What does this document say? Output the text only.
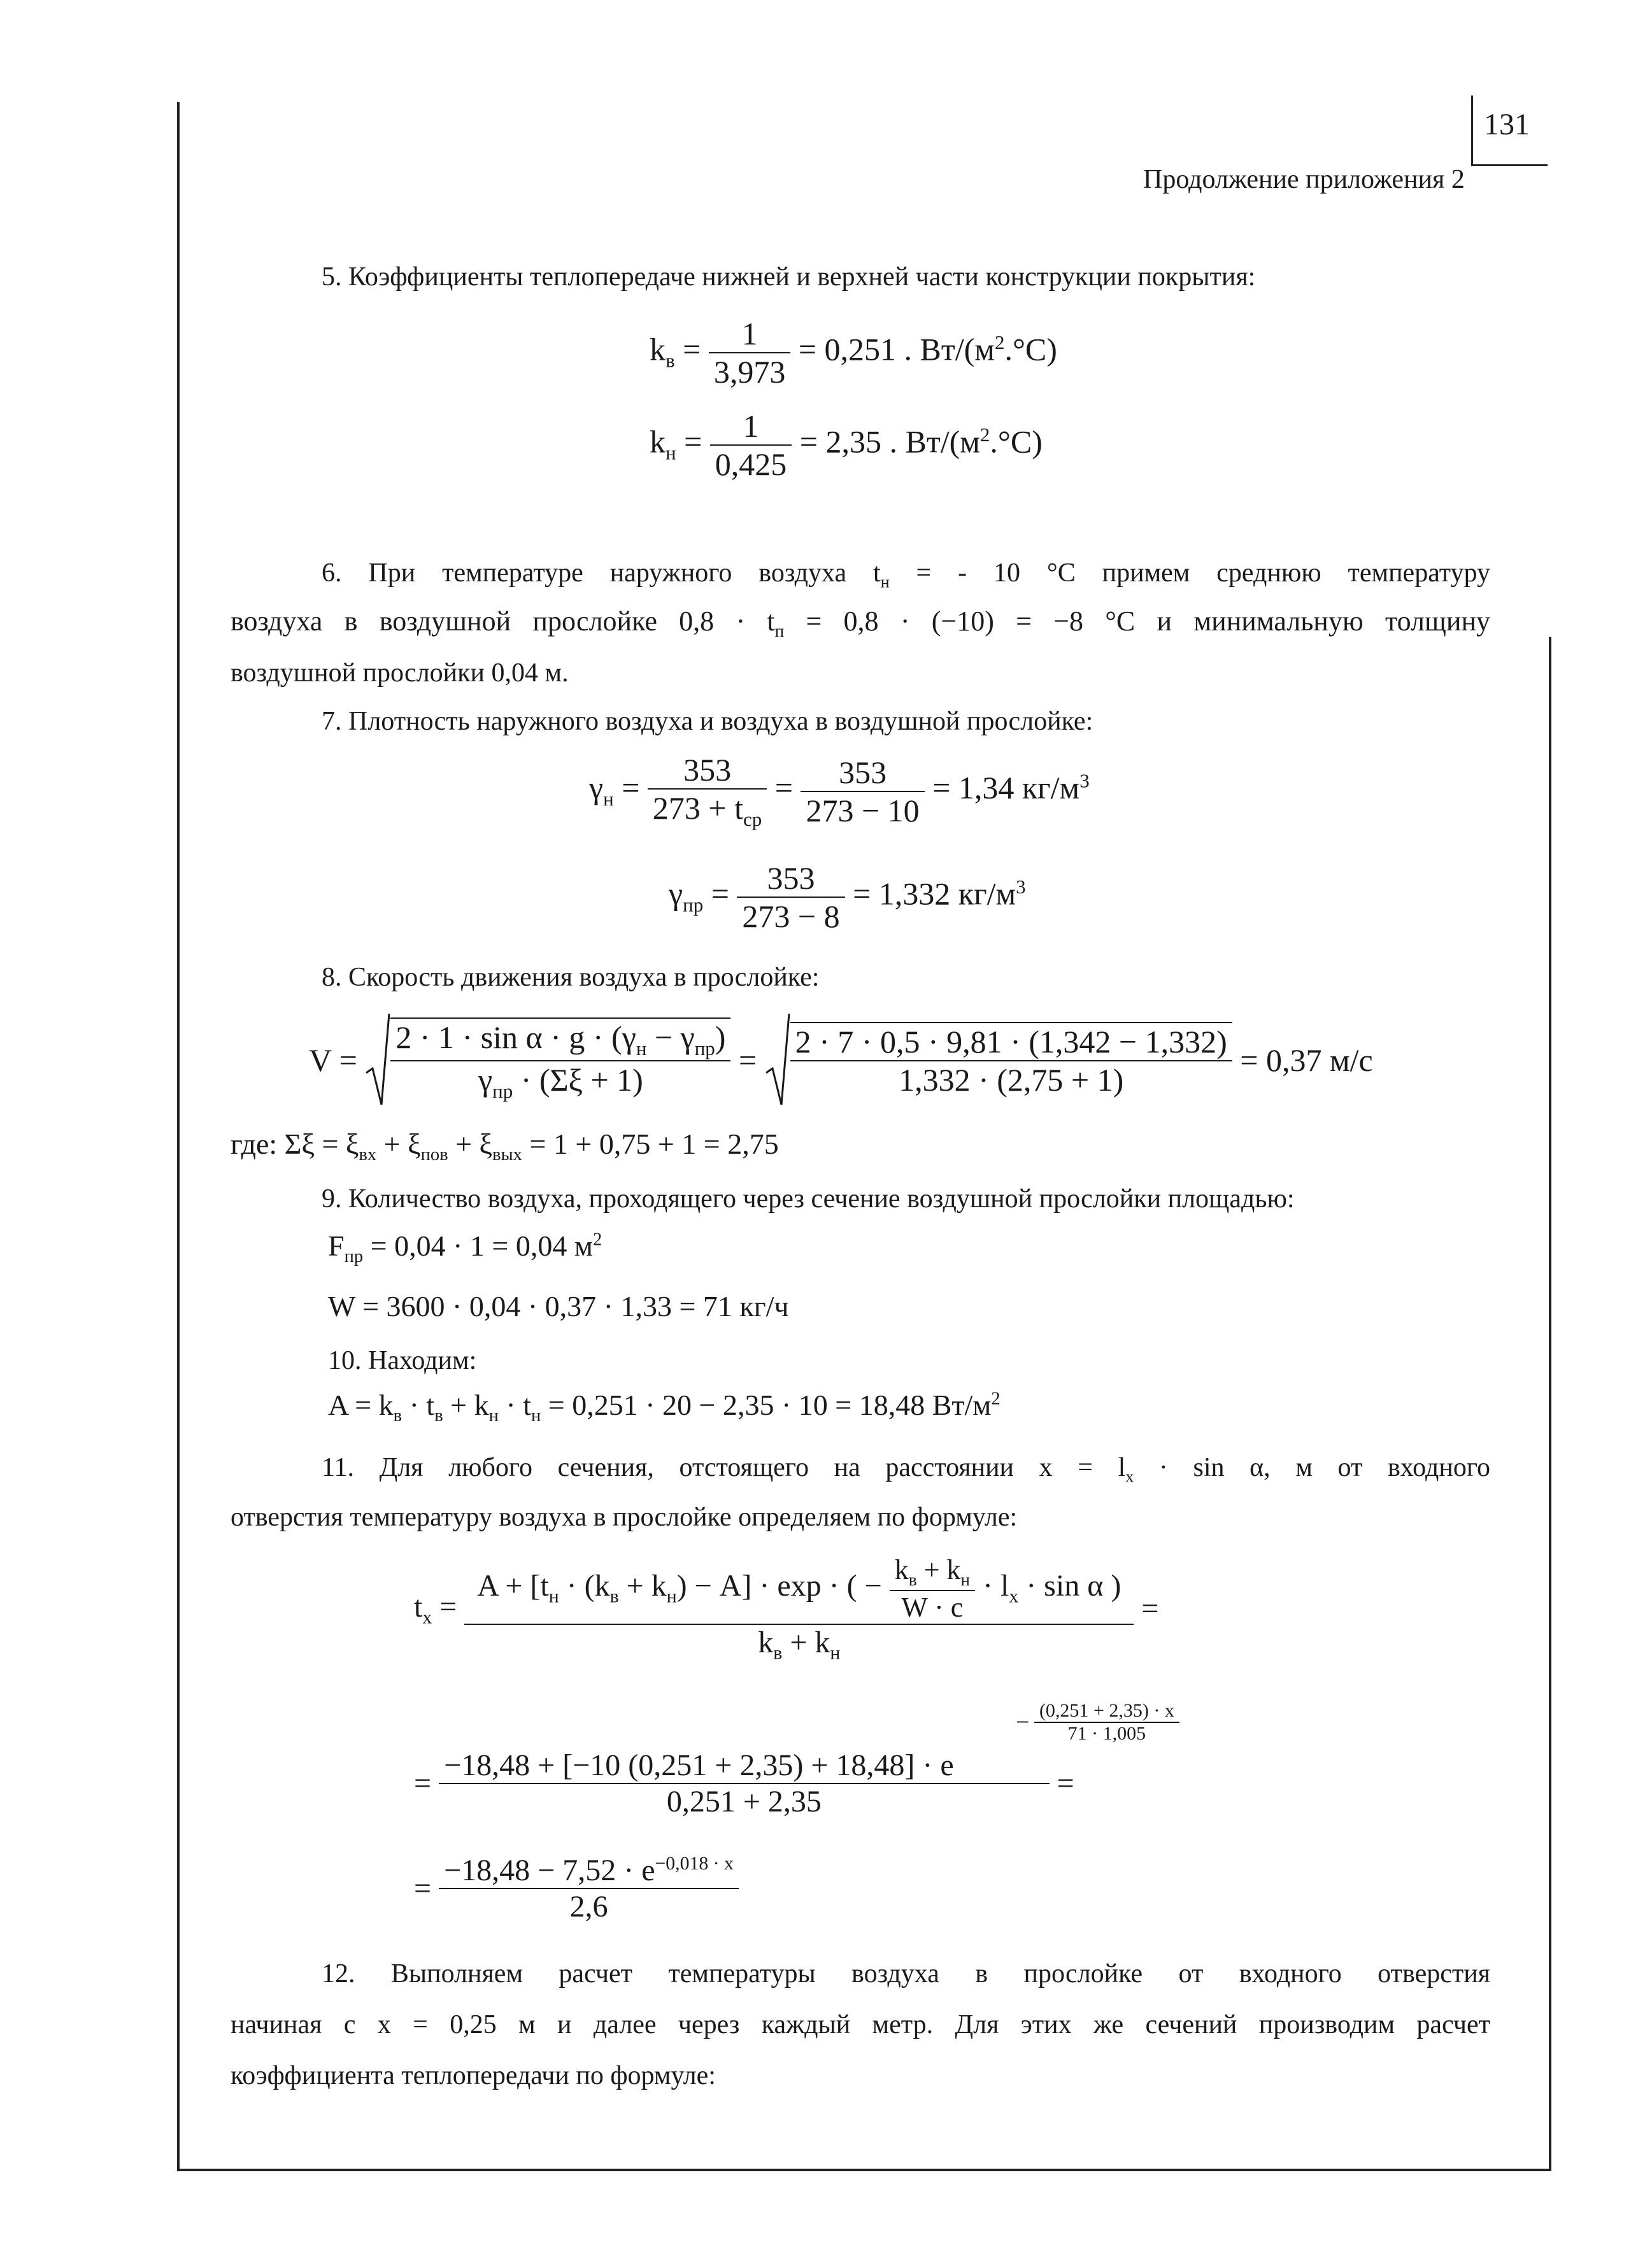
131
Продолжение приложения 2
5. Коэффициенты теплопередаче нижней и верхней части конструкции покрытия:
$k_в = \frac{1}{3,973} = 0,251$ . $Вт/(м^2.^\circ С)$
$k_н = \frac{1}{0,425} = 2,35$ . $Вт/(м^2.^\circ С)$
6. При температуре наружного воздуха $t_н$ = - 10 °С примем среднюю температуру
воздуха в воздушной прослойке $0,8 \cdot t_п = 0,8 \cdot (-10) = -8$ °С и минимальную толщину
воздушной прослойки 0,04 м.
7. Плотность наружного воздуха и воздуха в воздушной прослойке:
$\gamma_н$ =	353
$273 + t_{ср}$
= $\frac{353}{273 - 10} = 1,34$ $кг/м^3$
$\gamma_{пр} = \frac{353}{273 - 8} = 1,332$ $кг/м^3$
8. Скорость движения воздуха в прослойке:
V =
$2 \cdot 1 \cdot \sin \alpha \cdot g \cdot (\gamma_н - \gamma_{пр})$
$\gamma_{пр} \cdot (\Sigma\xi + 1)$
= $\frac{2 \cdot 7 \cdot 0,5 \cdot 9,81 \cdot (1,342 - 1,332)}{1,332 \cdot (2,75 + 1)} = 0,37$ м/с
где: $\Sigma\xi = \xi_{вх} + \xi_{пов} + \xi_{вых} = 1 + 0,75 + 1 = 2,75$
9. Количество воздуха, проходящего через сечение воздушной прослойки площадью:
$F_{пр} = 0,04 \cdot 1 = 0,04$ $м^2$
W = 3600 · 0,04 · 0,37 · 1,33 = 71 кг/ч
10. Находим:
$A = k_в \cdot t_в + k_н \cdot t_н = 0,251 \cdot 20 - 2,35 \cdot 10 = 18,48$ $Вт/м^2$
11. Для любого сечения, отстоящего на расстоянии $x = l_x \cdot \sin \alpha$, м от входного
отверстия температуру воздуха в прослойке определяем по формуле:
$t_x$ =
$A + [t_н \cdot (k_в + k_н) - A] \cdot \exp$ · ( − $k_в + k_н$
W · c
· $l_x \cdot \sin \alpha$ )
$k_в + k_н$
=
− $\frac{(0,251 + 2,35) \cdot x}{71 \cdot 1,005}$
= $\frac{-18,48 + [-10 (0,251 + 2,35) + 18,48] \cdot e}{0,251 + 2,35}$ =
= $\frac{-18,48 - 7,52 \cdot e^{-0,018 \cdot x}}{2,6}$
12. Выполняем расчет температуры воздуха в прослойке от входного отверстия
начиная с x = 0,25 м и далее через каждый метр. Для этих же сечений производим расчет
коэффициента теплопередачи по формуле:
